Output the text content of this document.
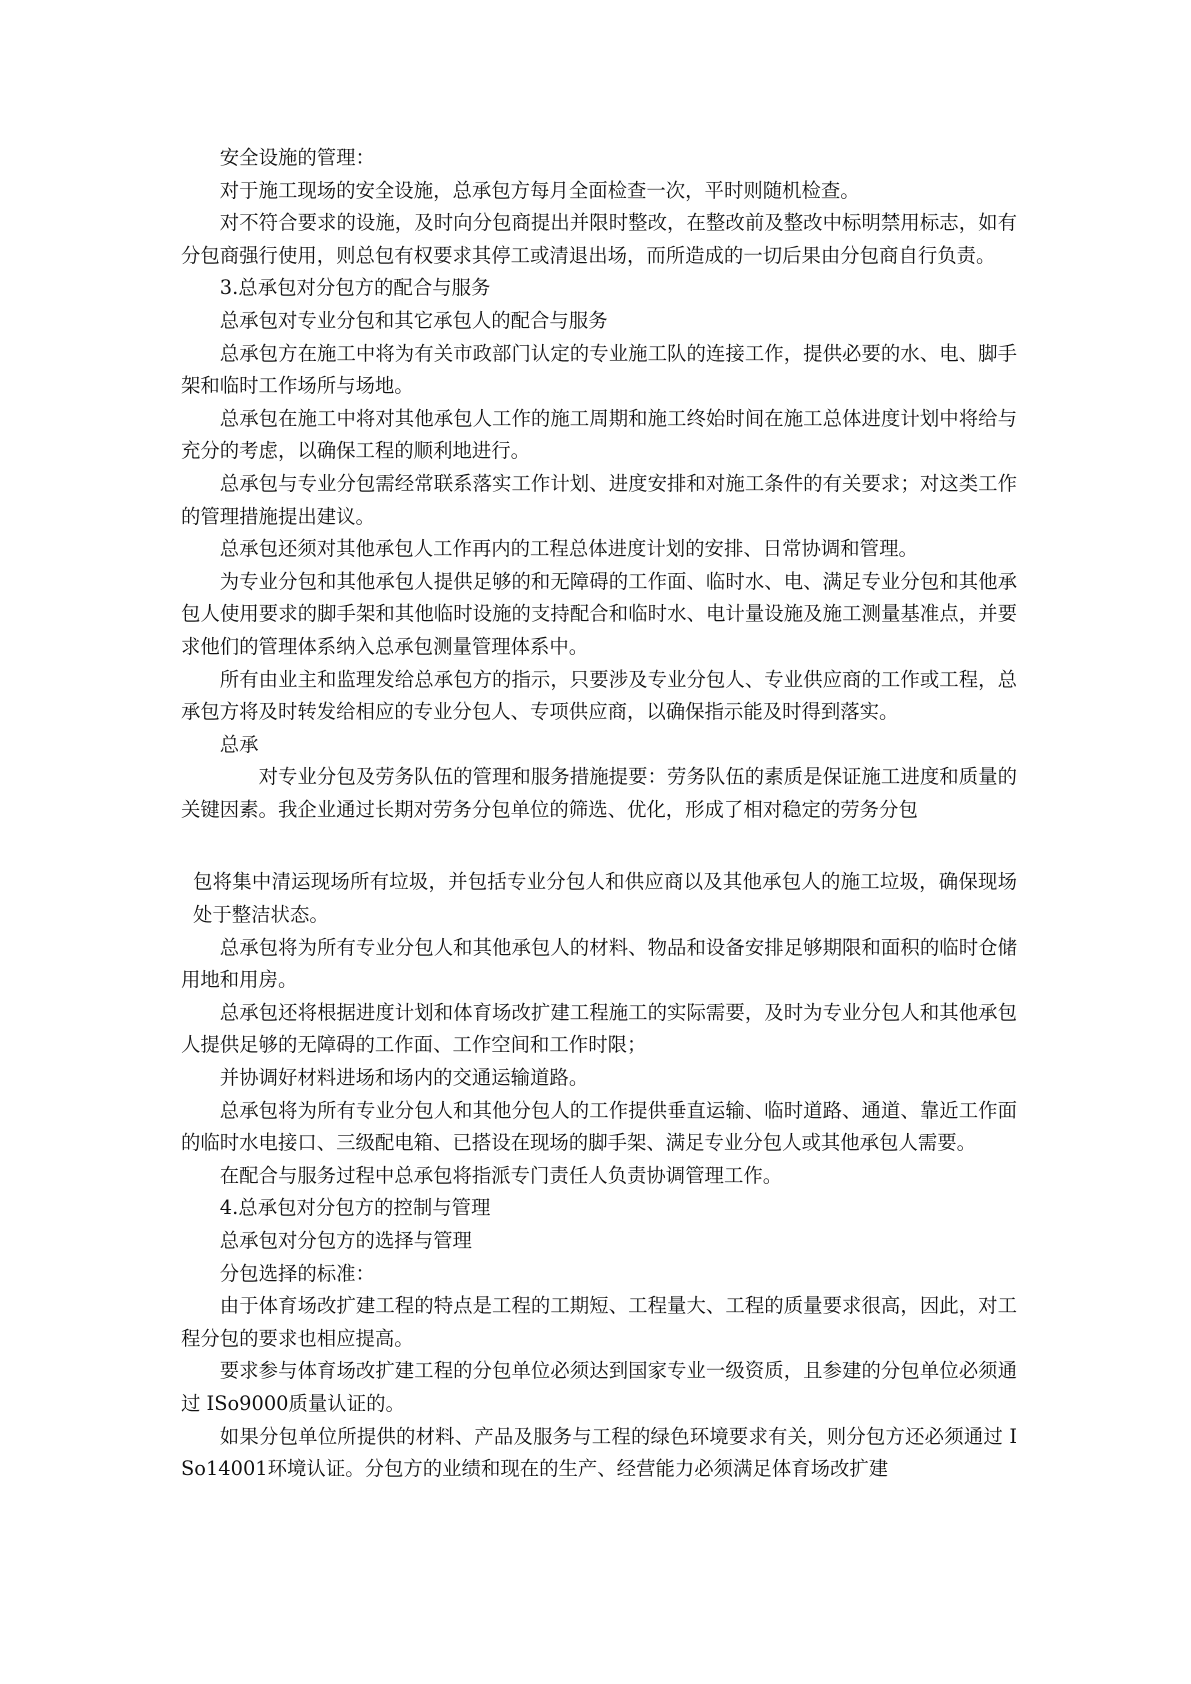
安全设施的管理：

对于施工现场的安全设施，总承包方每月全面检查一次，平时则随机检查。

对不符合要求的设施，及时向分包商提出并限时整改，在整改前及整改中标明禁用标志，如有分包商强行使用，则总包有权要求其停工或清退出场，而所造成的一切后果由分包商自行负责。

3.总承包对分包方的配合与服务

总承包对专业分包和其它承包人的配合与服务

总承包方在施工中将为有关市政部门认定的专业施工队的连接工作，提供必要的水、电、脚手架和临时工作场所与场地。

总承包在施工中将对其他承包人工作的施工周期和施工终始时间在施工总体进度计划中将给与充分的考虑，以确保工程的顺利地进行。

总承包与专业分包需经常联系落实工作计划、进度安排和对施工条件的有关要求；对这类工作的管理措施提出建议。

总承包还须对其他承包人工作再内的工程总体进度计划的安排、日常协调和管理。

为专业分包和其他承包人提供足够的和无障碍的工作面、临时水、电、满足专业分包和其他承包人使用要求的脚手架和其他临时设施的支持配合和临时水、电计量设施及施工测量基准点，并要求他们的管理体系纳入总承包测量管理体系中。

所有由业主和监理发给总承包方的指示，只要涉及专业分包人、专业供应商的工作或工程，总承包方将及时转发给相应的专业分包人、专项供应商，以确保指示能及时得到落实。

总承

对专业分包及劳务队伍的管理和服务措施提要：劳务队伍的素质是保证施工进度和质量的关键因素。我企业通过长期对劳务分包单位的筛选、优化，形成了相对稳定的劳务分包

包将集中清运现场所有垃圾，并包括专业分包人和供应商以及其他承包人的施工垃圾，确保现场处于整洁状态。

总承包将为所有专业分包人和其他承包人的材料、物品和设备安排足够期限和面积的临时仓储用地和用房。

总承包还将根据进度计划和体育场改扩建工程施工的实际需要，及时为专业分包人和其他承包人提供足够的无障碍的工作面、工作空间和工作时限；

并协调好材料进场和场内的交通运输道路。

总承包将为所有专业分包人和其他分包人的工作提供垂直运输、临时道路、通道、靠近工作面的临时水电接口、三级配电箱、已搭设在现场的脚手架、满足专业分包人或其他承包人需要。

在配合与服务过程中总承包将指派专门责任人负责协调管理工作。

4.总承包对分包方的控制与管理

总承包对分包方的选择与管理

分包选择的标准：

由于体育场改扩建工程的特点是工程的工期短、工程量大、工程的质量要求很高，因此，对工程分包的要求也相应提高。

要求参与体育场改扩建工程的分包单位必须达到国家专业一级资质，且参建的分包单位必须通过 ISo9000质量认证的。

如果分包单位所提供的材料、产品及服务与工程的绿色环境要求有关，则分包方还必须通过 ISo14001环境认证。分包方的业绩和现在的生产、经营能力必须满足体育场改扩建
